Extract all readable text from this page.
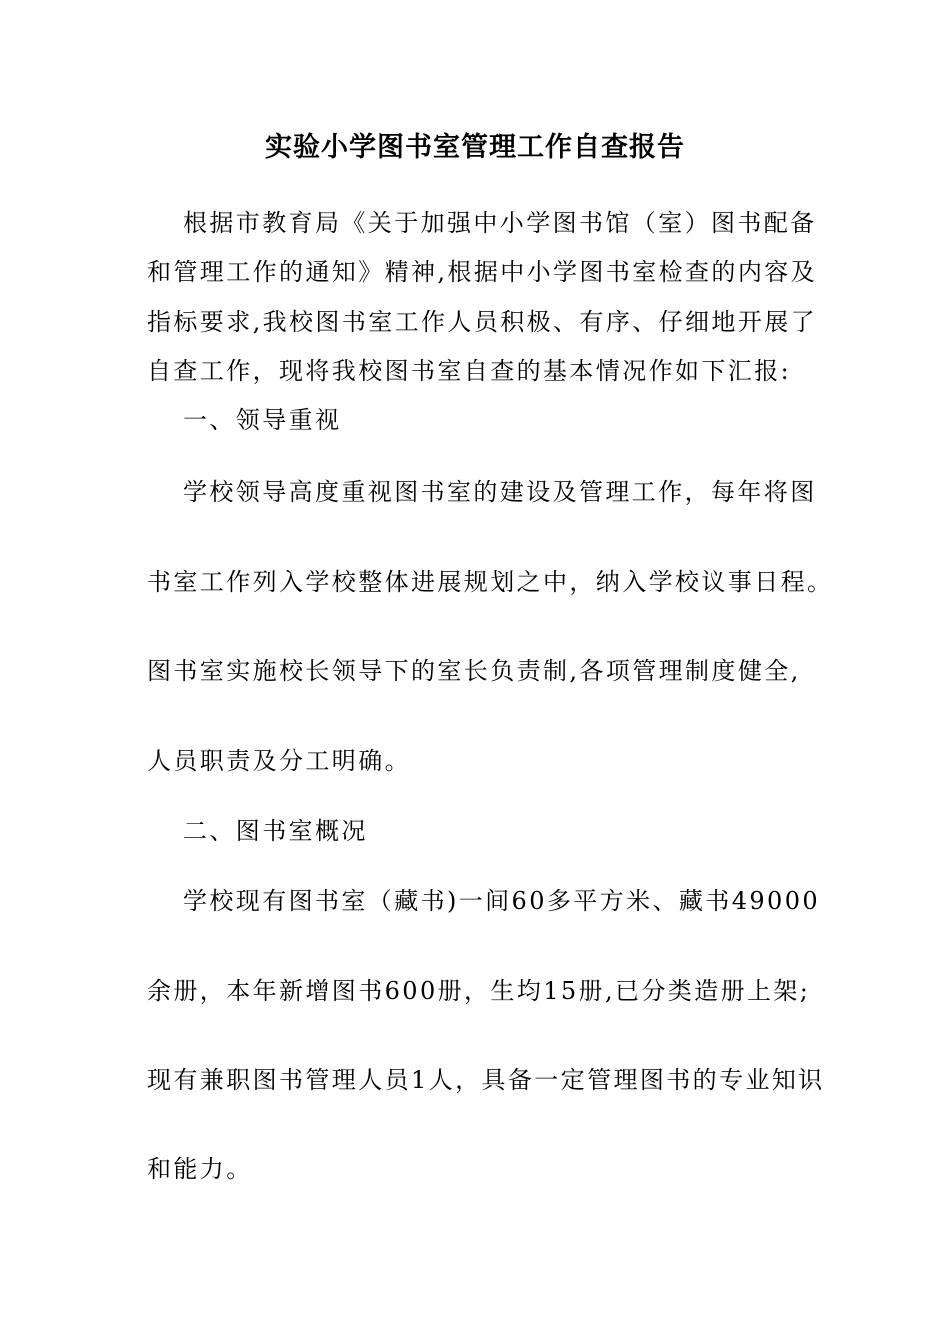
实验小学图书室管理工作自查报告
根据市教育局《关于加强中小学图书馆（室）图书配备
和管理工作的通知》精神,根据中小学图书室检查的内容及
指标要求,我校图书室工作人员积极、有序、仔细地开展了
自查工作，现将我校图书室自查的基本情况作如下汇报:
一、领导重视
学校领导高度重视图书室的建设及管理工作，每年将图
书室工作列入学校整体进展规划之中，纳入学校议事日程。
图书室实施校长领导下的室长负责制,各项管理制度健全,
人员职责及分工明确。
二、图书室概况
学校现有图书室（藏书)一间60多平方米、藏书49000
余册，本年新增图书600册，生均15册,已分类造册上架;
现有兼职图书管理人员1人，具备一定管理图书的专业知识
和能力。
